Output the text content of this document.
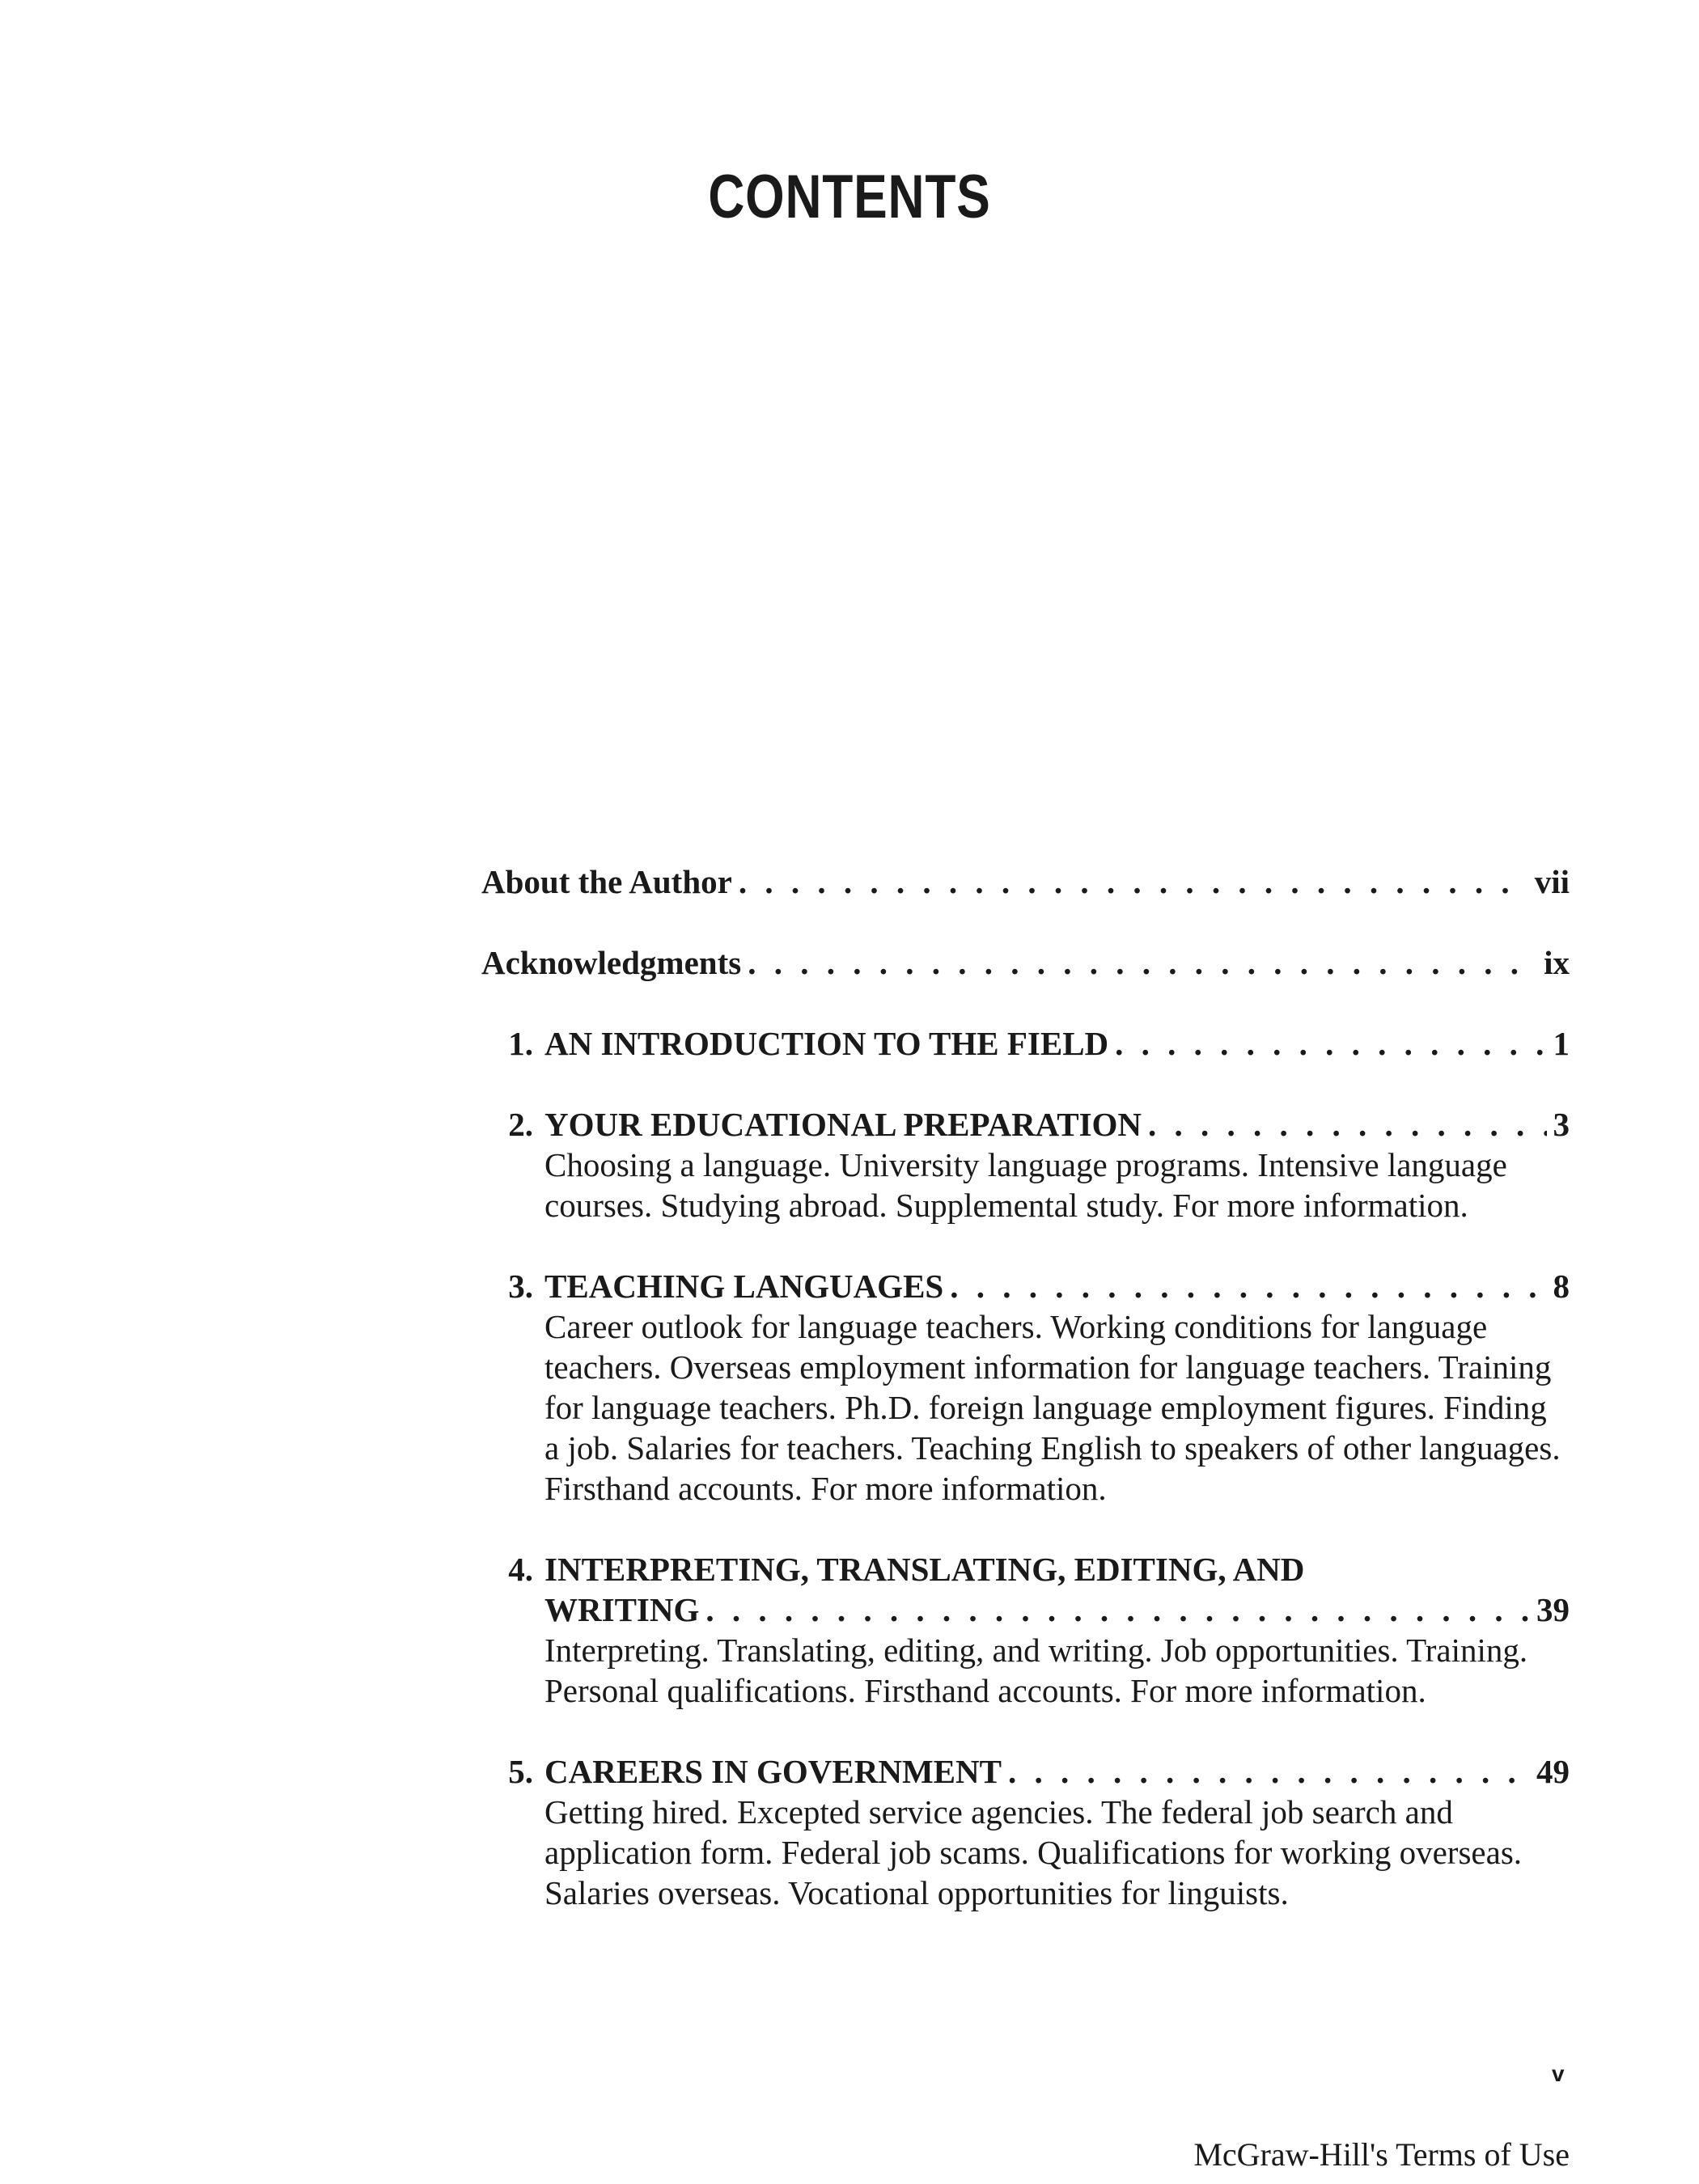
CONTENTS
About the Author . . .	vii
Acknowledgments . . .	ix
1. AN INTRODUCTION TO THE FIELD . . .	1
2. YOUR EDUCATIONAL PREPARATION . . .	3
Choosing a language. University language programs. Intensive language courses. Studying abroad. Supplemental study. For more information.
3. TEACHING LANGUAGES . . .	8
Career outlook for language teachers. Working conditions for language teachers. Overseas employment information for language teachers. Training for language teachers. Ph.D. foreign language employment figures. Finding a job. Salaries for teachers. Teaching English to speakers of other languages. Firsthand accounts. For more information.
4. INTERPRETING, TRANSLATING, EDITING, AND
WRITING . . .	39
Interpreting. Translating, editing, and writing. Job opportunities. Training. Personal qualifications. Firsthand accounts. For more information.
5. CAREERS IN GOVERNMENT . . .	49
Getting hired. Excepted service agencies. The federal job search and application form. Federal job scams. Qualifications for working overseas. Salaries overseas. Vocational opportunities for linguists.
v
McGraw-Hill's Terms of Use
